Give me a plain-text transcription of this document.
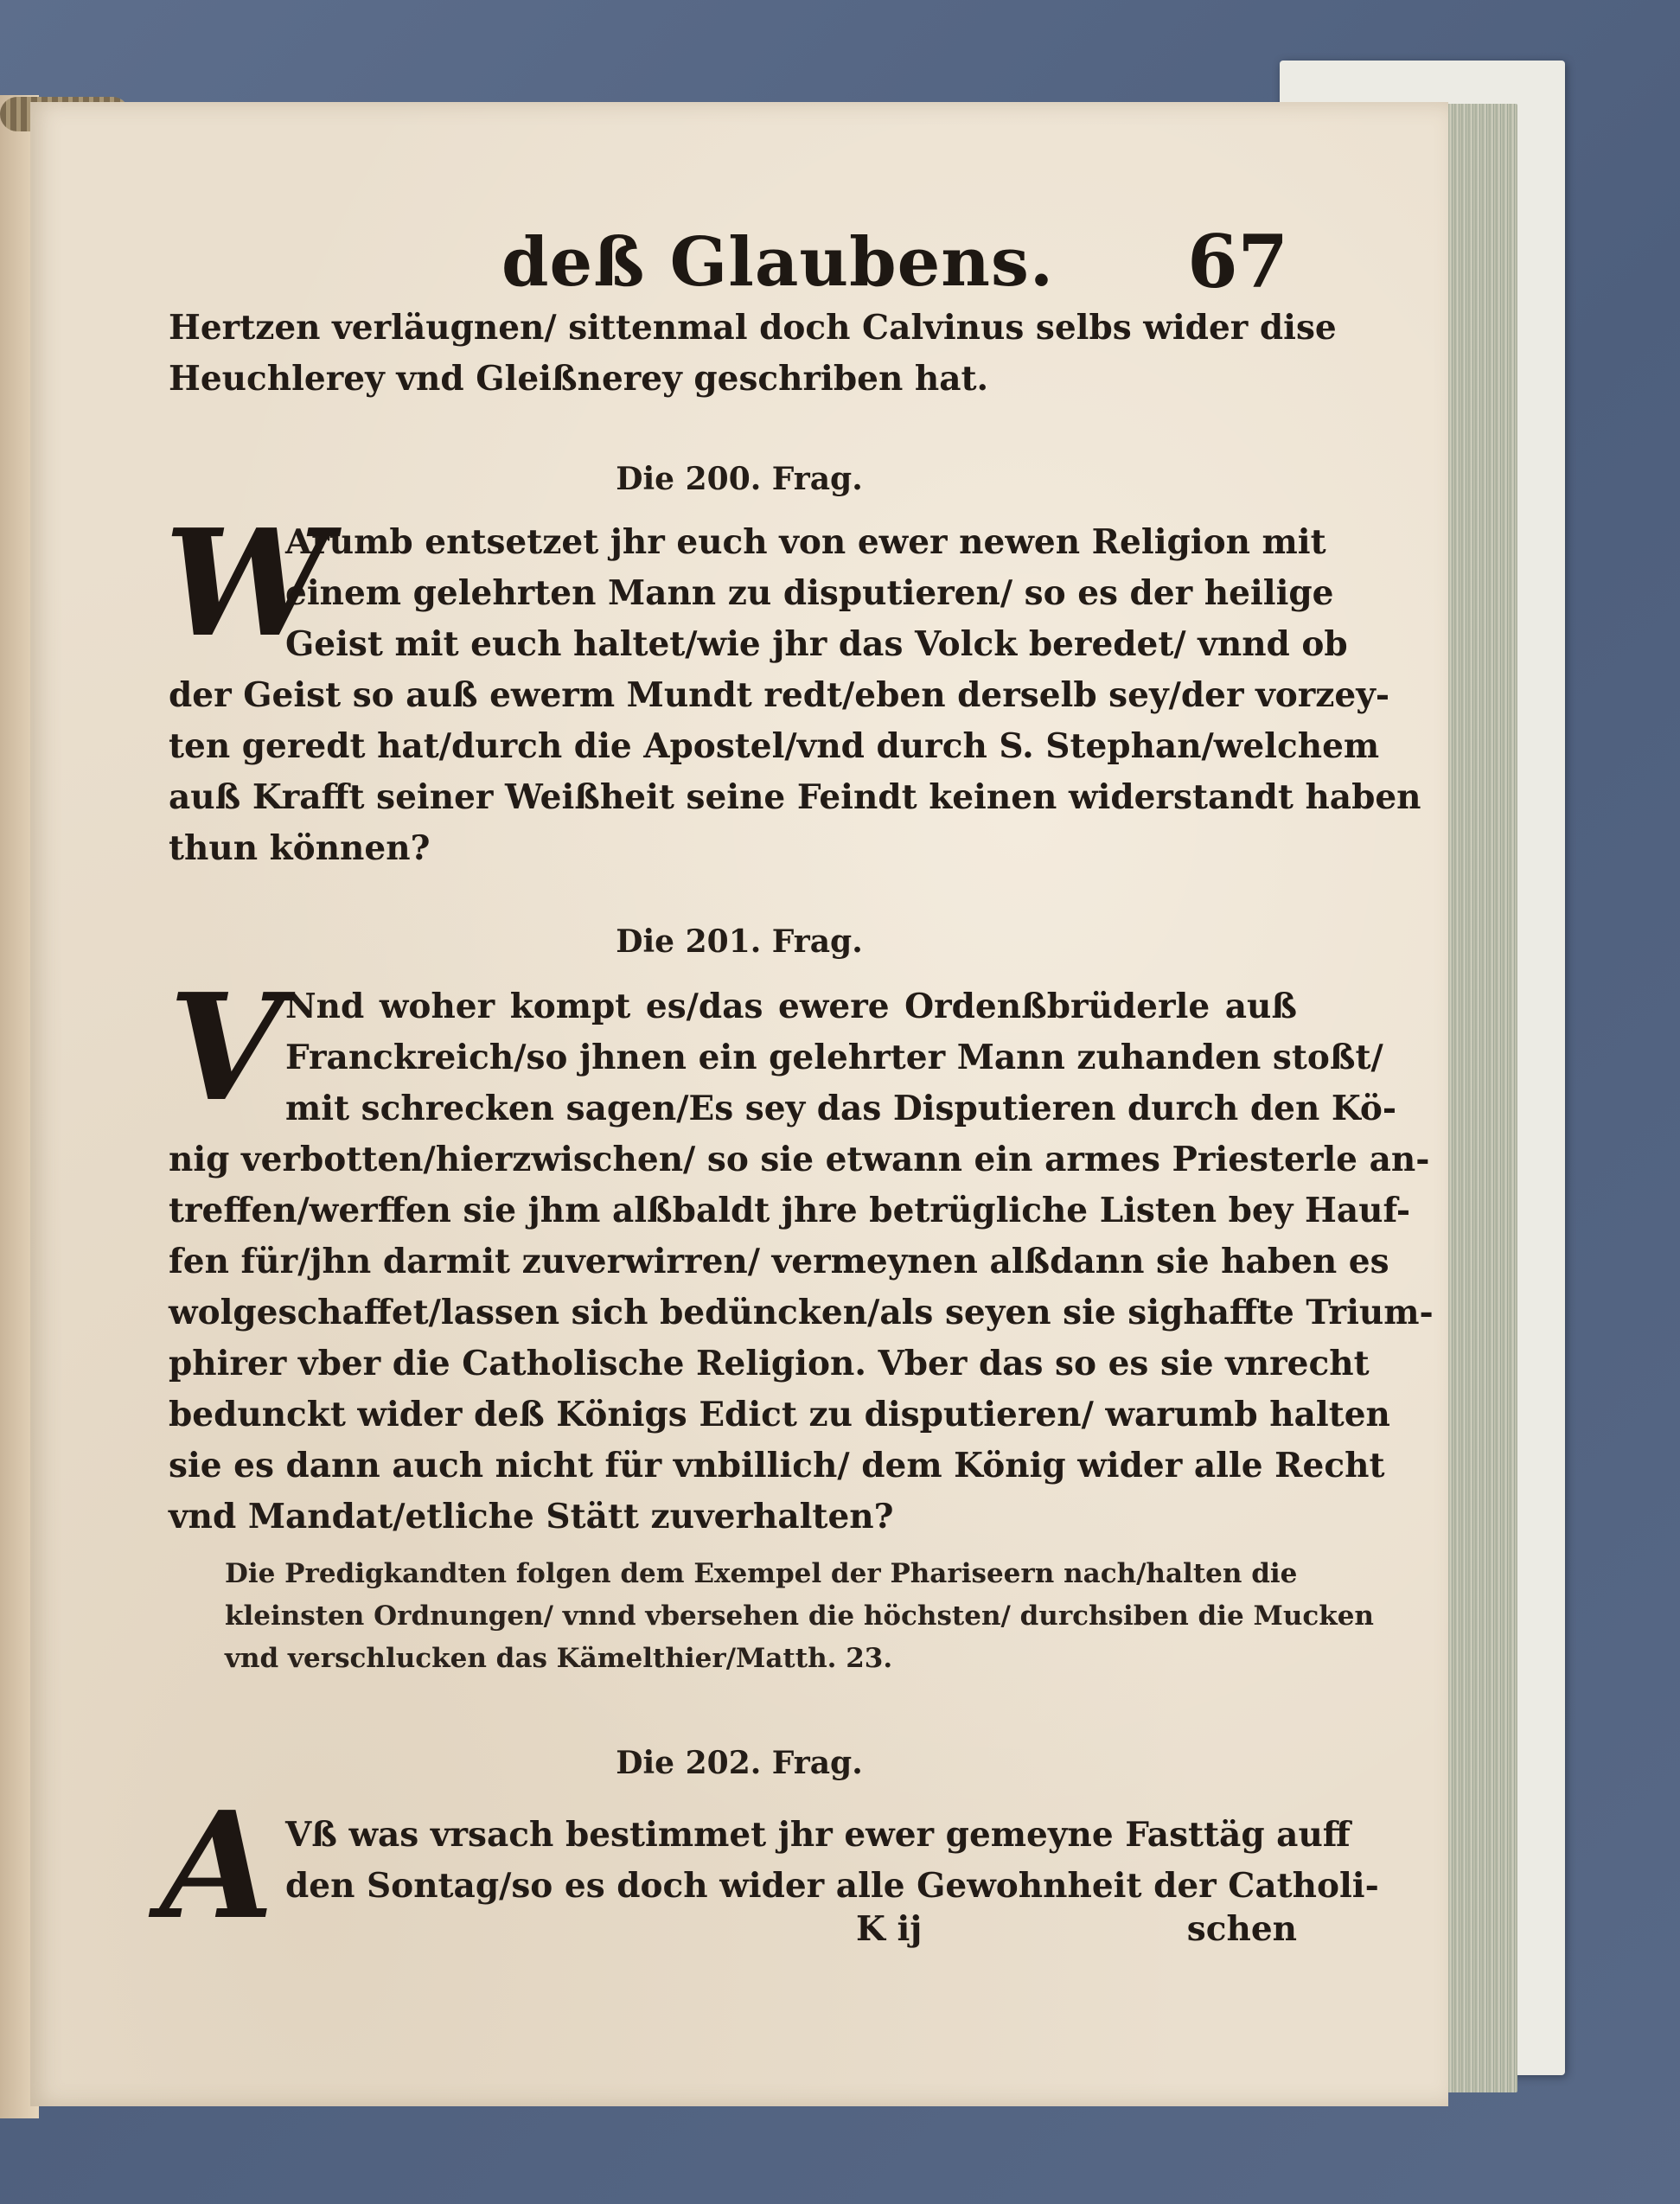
deß Glaubens. 67
Hertzen verläugnen/ sittenmal doch Calvinus selbs wider dise
Heuchlerey vnd Gleißnerey geschriben hat.
Die 200. Frag.
W
Arumb entsetzet jhr euch von ewer newen Religion mit
einem gelehrten Mann zu disputieren/ so es der heilige
Geist mit euch haltet/wie jhr das Volck beredet/ vnnd ob
der Geist so auß ewerm Mundt redt/eben derselb sey/der vorzey-
ten geredt hat/durch die Apostel/vnd durch S. Stephan/welchem
auß Krafft seiner Weißheit seine Feindt keinen widerstandt haben
thun können?
Die 201. Frag.
V Nnd woher kompt es/das ewere Ordenßbrüderle auß
Franckreich/so jhnen ein gelehrter Mann zuhanden stoßt/
mit schrecken sagen/Es sey das Disputieren durch den Kö-
nig verbotten/hierzwischen/ so sie etwann ein armes Priesterle an-
treffen/werffen sie jhm alßbaldt jhre betrügliche Listen bey Hauf-
fen für/jhn darmit zuverwirren/ vermeynen alßdann sie haben es
wolgeschaffet/lassen sich bedüncken/als seyen sie sighaffte Trium-
phirer vber die Catholische Religion. Vber das so es sie vnrecht
bedunckt wider deß Königs Edict zu disputieren/ warumb halten
sie es dann auch nicht für vnbillich/ dem König wider alle Recht
vnd Mandat/etliche Stätt zuverhalten?
Die Predigkandten folgen dem Exempel der Phariseern nach/halten die
kleinsten Ordnungen/ vnnd vbersehen die höchsten/ durchsiben die Mucken
vnd verschlucken das Kämelthier/Matth. 23.
Die 202. Frag.
A Vß was vrsach bestimmet jhr ewer gemeyne Fasttäg auff
den Sontag/so es doch wider alle Gewohnheit der Catholi-
K ij	schen
